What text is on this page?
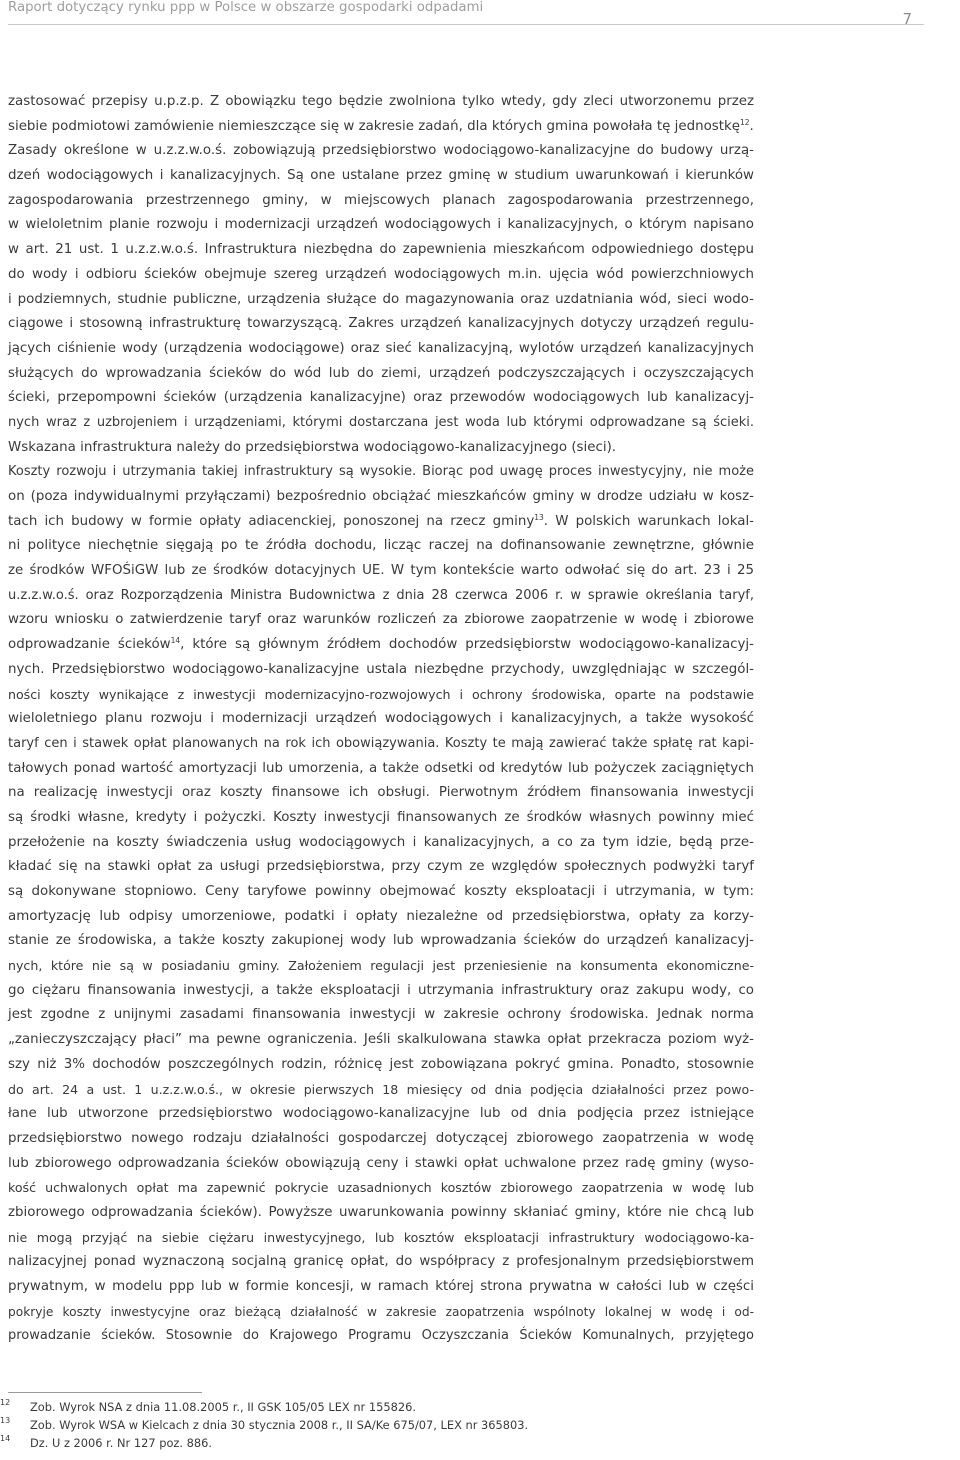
Raport dotyczący rynku ppp w Polsce w obszarze gospodarki odpadami
7
zastosować przepisy u.p.z.p. Z obowiązku tego będzie zwolniona tylko wtedy, gdy zleci utworzonemu przez
siebie podmiotowi zamówienie niemieszczące się w zakresie zadań, dla których gmina powołała tę jednostkę$^{12}$.
Zasady określone w u.z.z.w.o.ś. zobowiązują przedsiębiorstwo wodociągowo-kanalizacyjne do budowy urzą-
dzeń wodociągowych i kanalizacyjnych. Są one ustalane przez gminę w studium uwarunkowań i kierunków
zagospodarowania przestrzennego gminy, w miejscowych planach zagospodarowania przestrzennego,
w wieloletnim planie rozwoju i modernizacji urządzeń wodociągowych i kanalizacyjnych, o którym napisano
w art. 21 ust. 1 u.z.z.w.o.ś. Infrastruktura niezbędna do zapewnienia mieszkańcom odpowiedniego dostępu
do wody i odbioru ścieków obejmuje szereg urządzeń wodociągowych m.in. ujęcia wód powierzchniowych
i podziemnych, studnie publiczne, urządzenia służące do magazynowania oraz uzdatniania wód, sieci wodo-
ciągowe i stosowną infrastrukturę towarzyszącą. Zakres urządzeń kanalizacyjnych dotyczy urządzeń regulu-
jących ciśnienie wody (urządzenia wodociągowe) oraz sieć kanalizacyjną, wylotów urządzeń kanalizacyjnych
służących do wprowadzania ścieków do wód lub do ziemi, urządzeń podczyszczających i oczyszczających
ścieki, przepompowni ścieków (urządzenia kanalizacyjne) oraz przewodów wodociągowych lub kanalizacyj-
nych wraz z uzbrojeniem i urządzeniami, którymi dostarczana jest woda lub którymi odprowadzane są ścieki.
Wskazana infrastruktura należy do przedsiębiorstwa wodociągowo-kanalizacyjnego (sieci).
Koszty rozwoju i utrzymania takiej infrastruktury są wysokie. Biorąc pod uwagę proces inwestycyjny, nie może
on (poza indywidualnymi przyłączami) bezpośrednio obciążać mieszkańców gminy w drodze udziału w kosz-
tach ich budowy w formie opłaty adiacenckiej, ponoszonej na rzecz gminy$^{13}$. W polskich warunkach lokal-
ni polityce niechętnie sięgają po te źródła dochodu, licząc raczej na dofinansowanie zewnętrzne, głównie
ze środków WFOŚiGW lub ze środków dotacyjnych UE. W tym kontekście warto odwołać się do art. 23 i 25
u.z.z.w.o.ś. oraz Rozporządzenia Ministra Budownictwa z dnia 28 czerwca 2006 r. w sprawie określania taryf,
wzoru wniosku o zatwierdzenie taryf oraz warunków rozliczeń za zbiorowe zaopatrzenie w wodę i zbiorowe
odprowadzanie ścieków$^{14}$, które są głównym źródłem dochodów przedsiębiorstw wodociągowo-kanalizacyj-
nych. Przedsiębiorstwo wodociągowo-kanalizacyjne ustala niezbędne przychody, uwzględniając w szczegól-
ności koszty wynikające z inwestycji modernizacyjno-rozwojowych i ochrony środowiska, oparte na podstawie
wieloletniego planu rozwoju i modernizacji urządzeń wodociągowych i kanalizacyjnych, a także wysokość
taryf cen i stawek opłat planowanych na rok ich obowiązywania. Koszty te mają zawierać także spłatę rat kapi-
tałowych ponad wartość amortyzacji lub umorzenia, a także odsetki od kredytów lub pożyczek zaciągniętych
na realizację inwestycji oraz koszty finansowe ich obsługi. Pierwotnym źródłem finansowania inwestycji
są środki własne, kredyty i pożyczki. Koszty inwestycji finansowanych ze środków własnych powinny mieć
przełożenie na koszty świadczenia usług wodociągowych i kanalizacyjnych, a co za tym idzie, będą prze-
kładać się na stawki opłat za usługi przedsiębiorstwa, przy czym ze względów społecznych podwyżki taryf
są dokonywane stopniowo. Ceny taryfowe powinny obejmować koszty eksploatacji i utrzymania, w tym:
amortyzację lub odpisy umorzeniowe, podatki i opłaty niezależne od przedsiębiorstwa, opłaty za korzy-
stanie ze środowiska, a także koszty zakupionej wody lub wprowadzania ścieków do urządzeń kanalizacyj-
nych, które nie są w posiadaniu gminy. Założeniem regulacji jest przeniesienie na konsumenta ekonomiczne-
go ciężaru finansowania inwestycji, a także eksploatacji i utrzymania infrastruktury oraz zakupu wody, co
jest zgodne z unijnymi zasadami finansowania inwestycji w zakresie ochrony środowiska. Jednak norma
„zanieczyszczający płaci” ma pewne ograniczenia. Jeśli skalkulowana stawka opłat przekracza poziom wyż-
szy niż 3% dochodów poszczególnych rodzin, różnicę jest zobowiązana pokryć gmina. Ponadto, stosownie
do art. 24 a ust. 1 u.z.z.w.o.ś., w okresie pierwszych 18 miesięcy od dnia podjęcia działalności przez powo-
łane lub utworzone przedsiębiorstwo wodociągowo-kanalizacyjne lub od dnia podjęcia przez istniejące
przedsiębiorstwo nowego rodzaju działalności gospodarczej dotyczącej zbiorowego zaopatrzenia w wodę
lub zbiorowego odprowadzania ścieków obowiązują ceny i stawki opłat uchwalone przez radę gminy (wyso-
kość uchwalonych opłat ma zapewnić pokrycie uzasadnionych kosztów zbiorowego zaopatrzenia w wodę lub
zbiorowego odprowadzania ścieków). Powyższe uwarunkowania powinny skłaniać gminy, które nie chcą lub
nie mogą przyjąć na siebie ciężaru inwestycyjnego, lub kosztów eksploatacji infrastruktury wodociągowo-ka-
nalizacyjnej ponad wyznaczoną socjalną granicę opłat, do współpracy z profesjonalnym przedsiębiorstwem
prywatnym, w modelu ppp lub w formie koncesji, w ramach której strona prywatna w całości lub w części
pokryje koszty inwestycyjne oraz bieżącą działalność w zakresie zaopatrzenia wspólnoty lokalnej w wodę i od-
prowadzanie ścieków. Stosownie do Krajowego Programu Oczyszczania Ścieków Komunalnych, przyjętego
12 Zob. Wyrok NSA z dnia 11.08.2005 r., II GSK 105/05 LEX nr 155826.
13 Zob. Wyrok WSA w Kielcach z dnia 30 stycznia 2008 r., II SA/Ke 675/07, LEX nr 365803.
14 Dz. U z 2006 r. Nr 127 poz. 886.
